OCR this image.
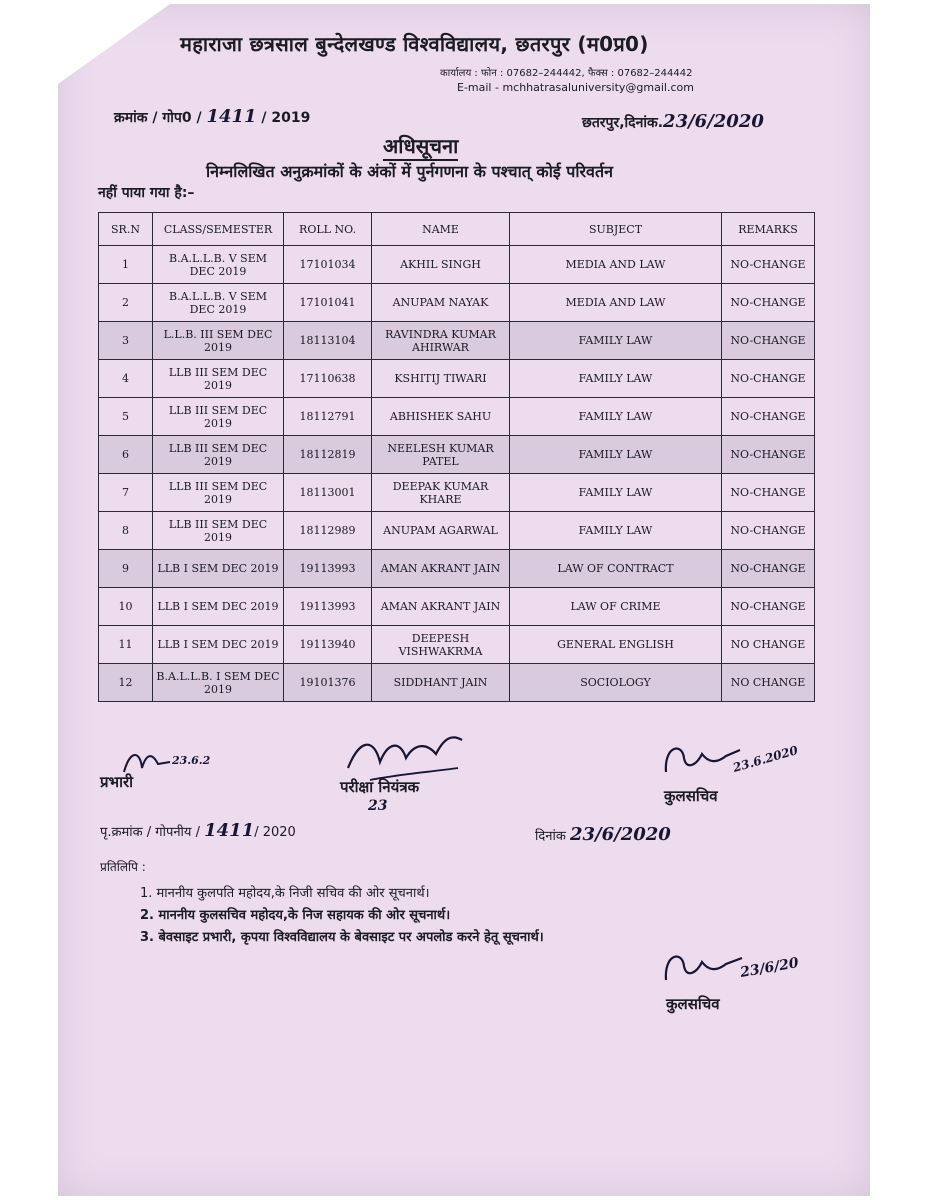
महाराजा छत्रसाल बुन्देलखण्ड विश्वविद्यालय, छतरपुर (म0प्र0)
कार्यालय : फोन : 07682–244442, फैक्स : 07682–244442
E-mail - mchhatrasaluniversity@gmail.com
क्रमांक / गोप0 / 1411 / 2019	छतरपुर,दिनांक.23/6/2020
अधिसूचना
निम्नलिखित अनुक्रमांकों के अंकों में पुर्नगणना के पश्चात् कोई परिवर्तन
नहीं पाया गया है:–
SR.N	CLASS/SEMESTER	ROLL NO.	NAME	SUBJECT	REMARKS
1	B.A.L.L.B. V SEM DEC 2019	17101034	AKHIL SINGH	MEDIA AND LAW	NO-CHANGE
2	B.A.L.L.B. V SEM DEC 2019	17101041	ANUPAM NAYAK	MEDIA AND LAW	NO-CHANGE
3	L.L.B. III SEM DEC 2019	18113104	RAVINDRA KUMAR AHIRWAR	FAMILY LAW	NO-CHANGE
4	LLB III SEM DEC 2019	17110638	KSHITIJ TIWARI	FAMILY LAW	NO-CHANGE
5	LLB III SEM DEC 2019	18112791	ABHISHEK SAHU	FAMILY LAW	NO-CHANGE
6	LLB III SEM DEC 2019	18112819	NEELESH KUMAR PATEL	FAMILY LAW	NO-CHANGE
7	LLB III SEM DEC 2019	18113001	DEEPAK KUMAR KHARE	FAMILY LAW	NO-CHANGE
8	LLB III SEM DEC 2019	18112989	ANUPAM AGARWAL	FAMILY LAW	NO-CHANGE
9	LLB I SEM DEC 2019	19113993	AMAN AKRANT JAIN	LAW OF CONTRACT	NO-CHANGE
10	LLB I SEM DEC 2019	19113993	AMAN AKRANT JAIN	LAW OF CRIME	NO-CHANGE
11	LLB I SEM DEC 2019	19113940	DEEPESH VISHWAKRMA	GENERAL ENGLISH	NO CHANGE
12	B.A.L.L.B. I SEM DEC 2019	19101376	SIDDHANT JAIN	SOCIOLOGY	NO CHANGE
23.6.2
प्रभारी	परीक्षा नियंत्रक
23
23.6.2020
कुलसचिव
पृ.क्रमांक / गोपनीय / 1411/ 2020	दिनांक 23/6/2020
प्रतिलिपि :
1. माननीय कुलपति महोदय,के निजी सचिव की ओर सूचनार्थ।
2. माननीय कुलसचिव महोदय,के निज सहायक की ओर सूचनार्थ।
3. बेवसाइट प्रभारी, कृपया विश्वविद्यालय के बेवसाइट पर अपलोड करने हेतू सूचनार्थ।
23/6/20
कुलसचिव
